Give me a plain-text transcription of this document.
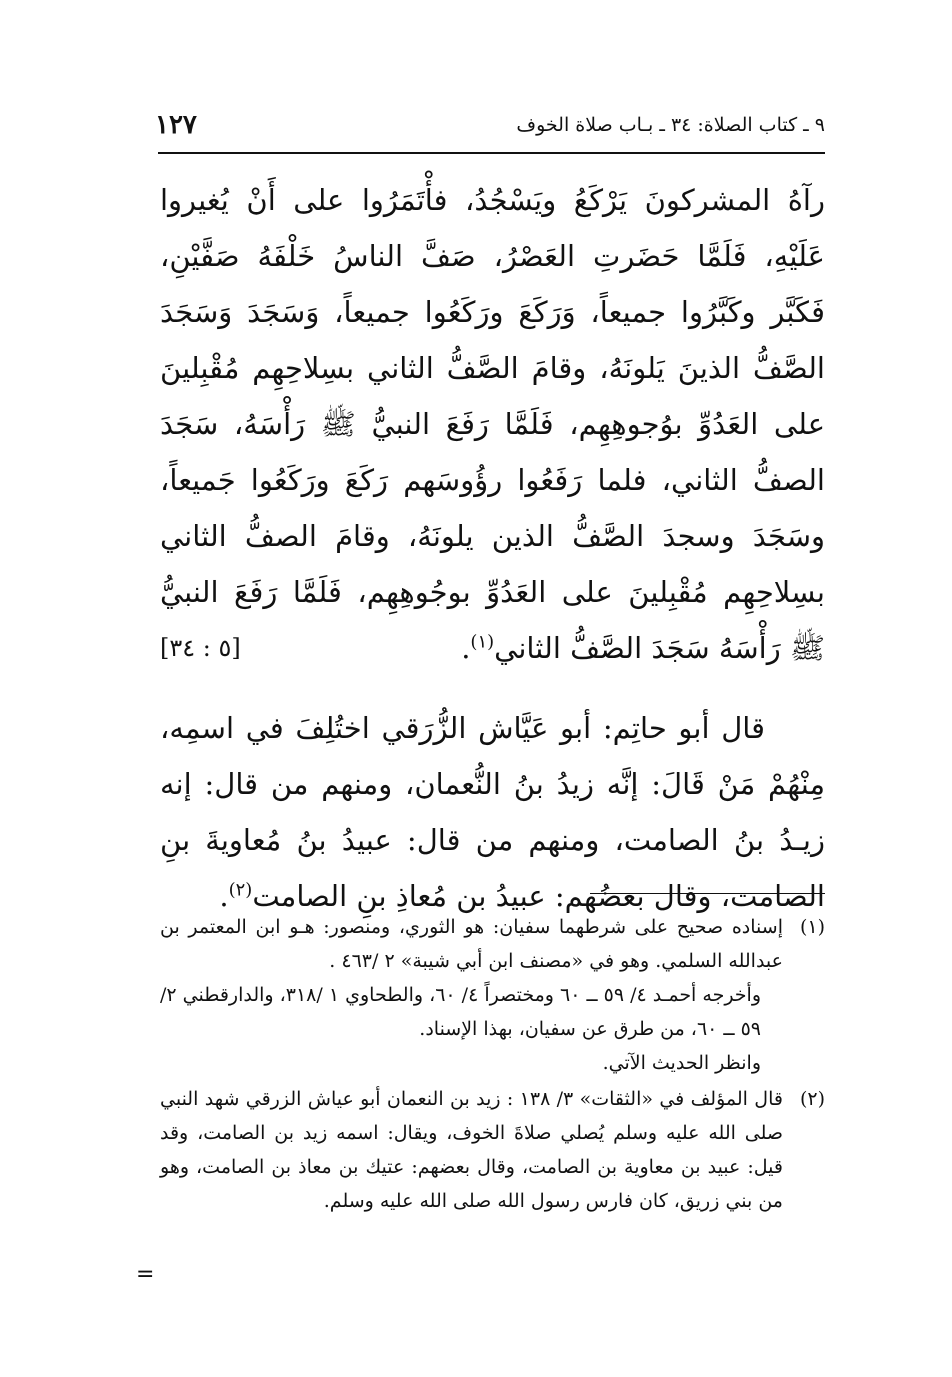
٩ ـ كتاب الصلاة: ٣٤ ـ بـاب صلاة الخوف
١٢٧

رآهُ المشركونَ يَرْكَعُ ويَسْجُدُ، فأْتَمَرُوا على أَنْ يُغيروا عَلَيْهِ، فَلَمَّا حَضَرتِ العَصْرُ، صَفَّ الناسُ خَلْفَهُ صَفَّيْنِ، فَكَبَّر وكَبَّرُوا جميعاً، وَرَكَعَ ورَكَعُوا جميعاً، وَسَجَدَ وَسَجَدَ الصَّفُّ الذينَ يَلونَهُ، وقامَ الصَّفُّ الثاني بسِلاحِهِم مُقْبِلينَ على العَدُوِّ بوُجوهِهِم، فَلَمَّا رَفَعَ النبيُّ ﷺ رَأْسَهُ، سَجَدَ الصفُّ الثاني، فلما رَفَعُوا رؤُوسَهم رَكَعَ ورَكَعُوا جَميعاً، وسَجَدَ وسجدَ الصَّفُّ الذين يلونَهُ، وقامَ الصفُّ الثاني بسِلاحِهِم مُقْبِلينَ على العَدُوِّ بوجُوهِهِم، فَلَمَّا رَفَعَ النبيُّ ﷺ رَأْسَهُ سَجَدَ الصَّفُّ الثاني$^{(١)}$.
[٥ : ٣٤]

قال أبو حاتِم: أبو عَيَّاش الزُّرَقي اختُلِفَ في اسمِه، مِنْهُمْ مَنْ قَالَ: إنَّه زيدُ بنُ النُّعمان، ومنهم من قال: إنه زيـدُ بنُ الصامت، ومنهم من قال: عبيدُ بنُ مُعاويةَ بنِ الصامت، وقال بعضُهم: عبيدُ بن مُعاذِ بنِ الصامت$^{(٢)}$.

(١)
إسناده صحيح على شرطهما سفيان: هو الثوري، ومنصور: هـو ابن المعتمر بن عبدالله السلمي. وهو في «مصنف ابن أبي شيبة» ٢ /٤٦٣ .
وأخرجه أحمـد ٤/ ٥٩ ــ ٦٠ ومختصراً ٤/ ٦٠، والطحاوي ١ /٣١٨، والدارقطني ٢/ ٥٩ ــ ٦٠، من طرق عن سفيان، بهذا الإسناد.
وانظر الحديث الآتي.
(٢)
قال المؤلف في «الثقات» ٣/ ١٣٨ : زيد بن النعمان أبو عياش الزرقي شهد النبي صلى الله عليه وسلم يُصلي صلاةَ الخوف، ويقال: اسمه زيد بن الصامت، وقد قيل: عبيد بن معاوية بن الصامت، وقال بعضهم: عتيك بن معاذ بن الصامت، وهو من بني زريق، كان فارس رسول الله صلى الله عليه وسلم.
=
